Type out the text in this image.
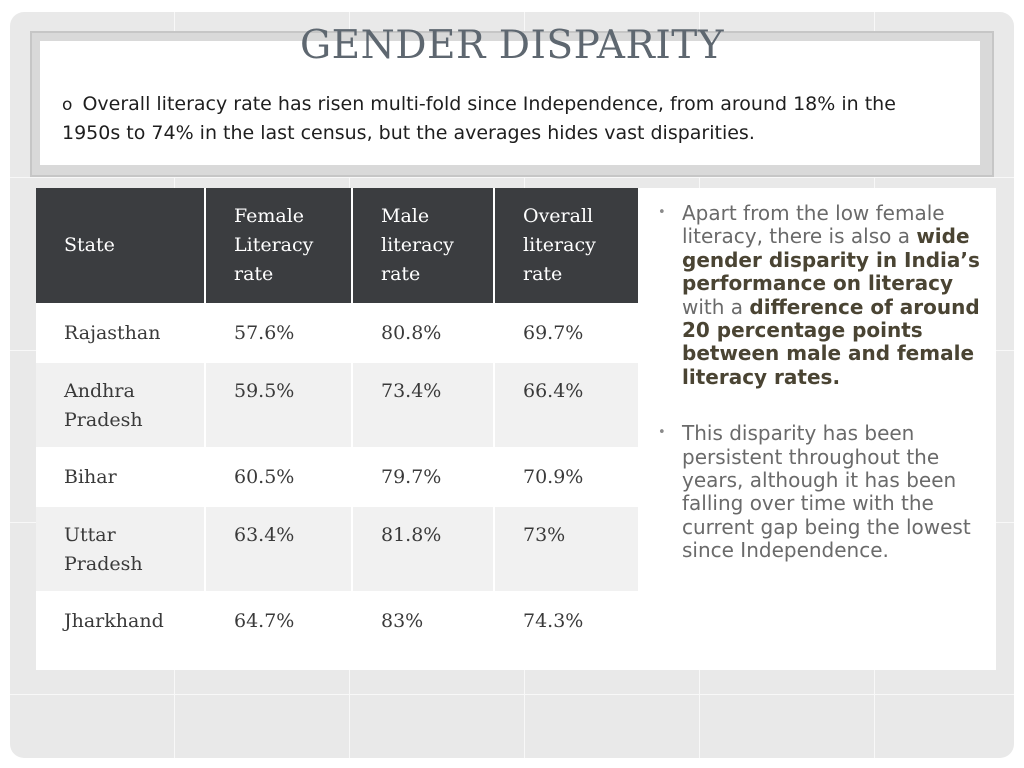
GENDER DISPARITY

o Overall literacy rate has risen multi-fold since Independence, from around 18% in the 1950s to 74% in the last census, but the averages hides vast disparities.

State	Female Literacy rate	Male literacy rate	Overall literacy rate
Rajasthan	57.6%	80.8%	69.7%
Andhra Pradesh	59.5%	73.4%	66.4%
Bihar	60.5%	79.7%	70.9%
Uttar Pradesh	63.4%	81.8%	73%
Jharkhand	64.7%	83%	74.3%
• Apart from the low female literacy, there is also a wide gender disparity in India’s performance on literacy with a difference of around 20 percentage points between male and female literacy rates.
• This disparity has been persistent throughout the years, although it has been falling over time with the current gap being the lowest since Independence.
